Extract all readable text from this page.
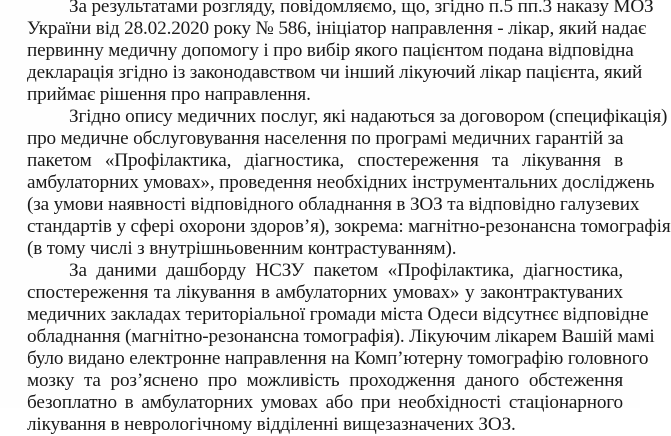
За результатами розгляду, повідомляємо, що, згідно п.5 пп.3 наказу МОЗ
України від 28.02.2020 року № 586, ініціатор направлення - лікар, який надає
первинну медичну допомогу і про вибір якого пацієнтом подана відповідна
декларація згідно із законодавством чи інший лікуючий лікар пацієнта, який
приймає рішення про направлення.
Згідно опису медичних послуг, які надаються за договором (специфікація)
про медичне обслуговування населення по програмі медичних гарантій за
пакетом «Профілактика, діагностика, спостереження та лікування в
амбулаторних умовах», проведення необхідних інструментальних досліджень
(за умови наявності відповідного обладнання в ЗОЗ та відповідно галузевих
стандартів у сфері охорони здоров’я), зокрема: магнітно-резонансна томографія
(в тому числі з внутрішньовенним контрастуванням).
За даними дашборду НСЗУ пакетом «Профілактика, діагностика,
спостереження та лікування в амбулаторних умовах» у законтрактуваних
медичних закладах територіальної громади міста Одеси відсутнєє відповідне
обладнання (магнітно-резонансна томографія). Лікуючим лікарем Вашій мамі
було видано електронне направлення на Комп’ютерну томографію головного
мозку та роз’яснено про можливість проходження даного обстеження
безоплатно в амбулаторних умовах або при необхідності стаціонарного
лікування в неврологічному відділенні вищезазначених ЗОЗ.
